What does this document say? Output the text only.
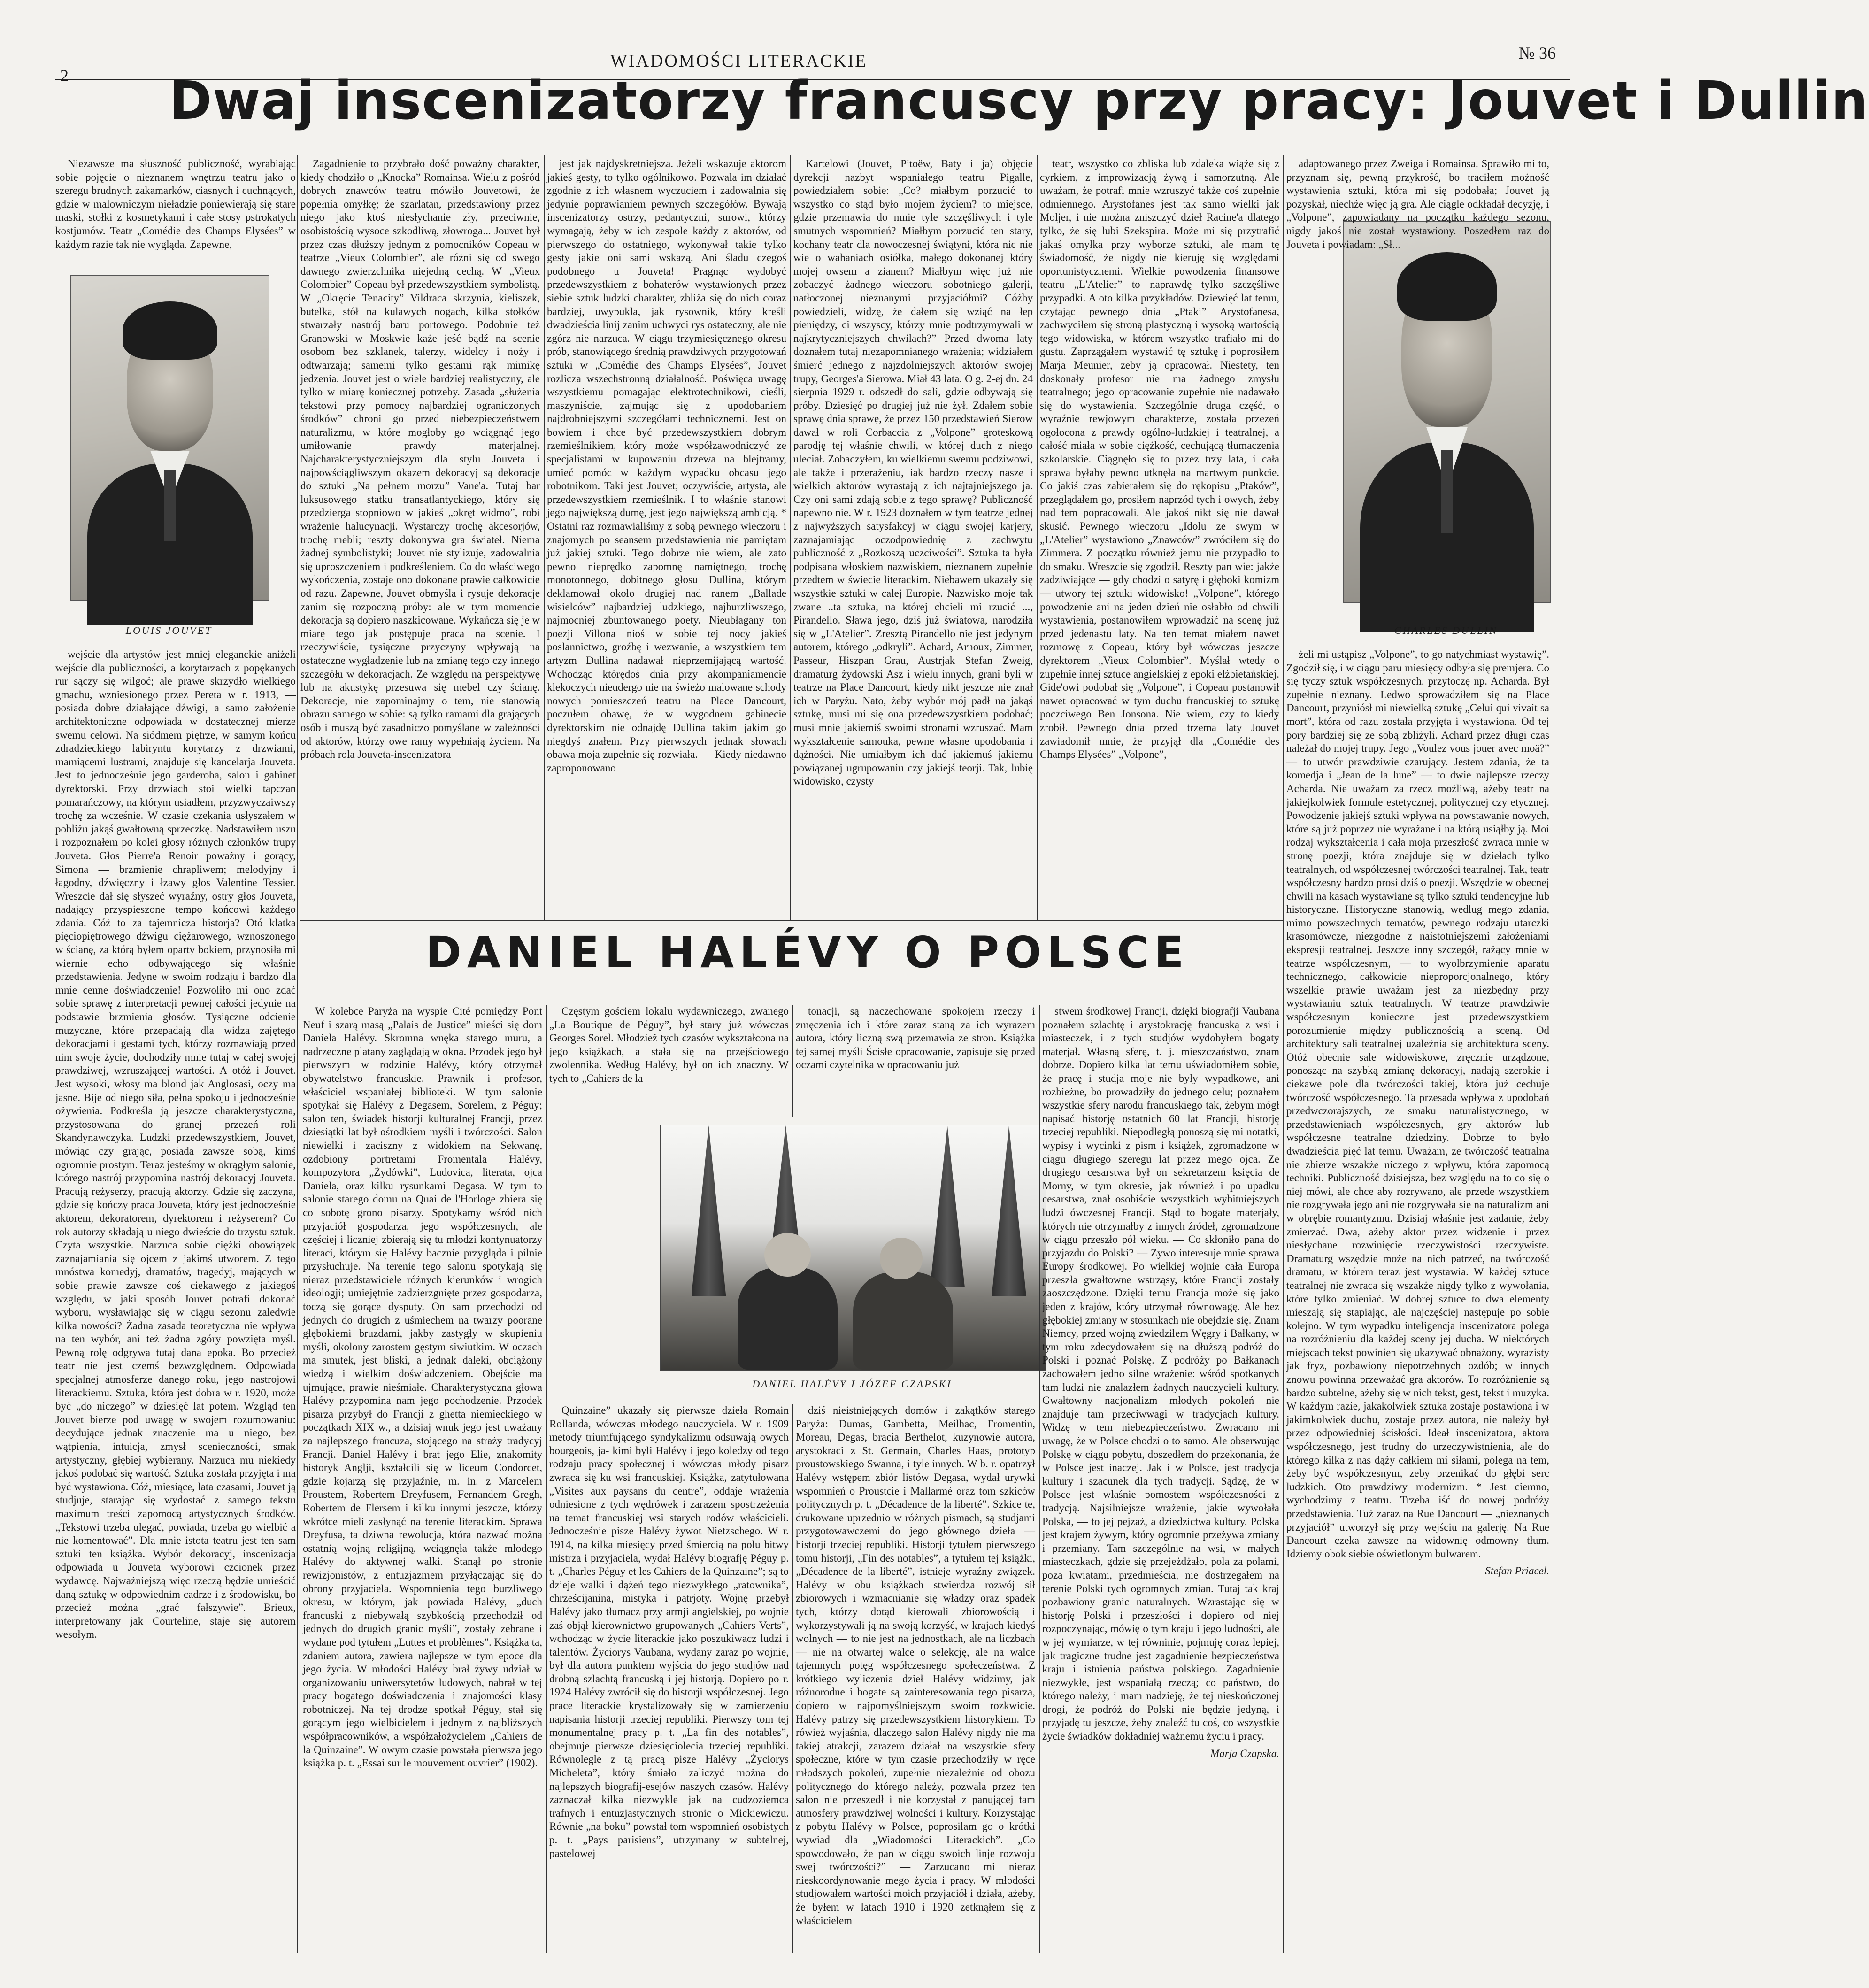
2
WIADOMOŚCI LITERACKIE	№ 36
Dwaj inscenizatorzy francuscy przy pracy: Jouvet i Dullin
LOUIS JOUVET	CHARLES DULLIN

wejście dla artystów jest mniej eleganckie aniżeli wejście dla publiczności, a korytarzach z popękanych rur sączy się wilgoć; ale prawe skrzydło wielkiego gmachu, wzniesionego przez Pereta w r. 1913, — posiada dobre działające dźwigi, a samo założenie architektoniczne odpowiada w dostatecznej mierze swemu celowi. Na siódmem piętrze, w samym końcu zdradzieckiego labiryntu korytarzy z drzwiami, mamiącemi lustrami, znajduje się kancelarja Jouveta. Jest to jednocześnie jego garderoba, salon i gabinet dyrektorski. Przy drzwiach stoi wielki tapczan pomarańczowy, na którym usiadłem, przyzwyczaiwszy trochę za wcześnie. W czasie czekania usłyszałem w pobliżu jakąś gwałtowną sprzeczkę. Nadstawiłem uszu i rozpoznałem po kolei głosy różnych członków trupy Jouveta. Głos Pierre'a Renoir poważny i gorący, Simona — brzmienie chrapliwem; melodyjny i łagodny, dźwięczny i łzawy głos Valentine Tessier. Wreszcie dał się słyszeć wyraźny, ostry głos Jouveta, nadający przyspieszone tempo końcowi każdego zdania. Cóż to za tajemnicza historja? Otó klatka pięciopiętrowego dźwigu ciężarowego, wznoszonego w ścianę, za którą byłem oparty bokiem, przynosiła mi wiernie echo odbywającego się właśnie przedstawienia. Jedyne w swoim rodzaju i bardzo dla mnie cenne doświadczenie! Pozwoliło mi ono zdać sobie sprawę z interpretacji pewnej całości jedynie na podstawie brzmienia głosów. Tysiączne odcienie muzyczne, które przepadają dla widza zajętego dekoracjami i gestami tych, którzy rozmawiają przed nim swoje życie, dochodziły mnie tutaj w całej swojej prawdziwej, wzruszającej wartości. A otóż i Jouvet. Jest wysoki, włosy ma blond jak Anglosasi, oczy ma jasne. Bije od niego siła, pełna spokoju i jednocześnie ożywienia. Podkreśla ją jeszcze charakterystyczna, przystosowana do granej przezeń roli Skandynawczyka. Ludzki przedewszystkiem, Jouvet, mówiąc czy grając, posiada zawsze sobą, kimś ogromnie prostym. Teraz jesteśmy w okrągłym salonie, którego nastrój przypomina nastrój dekoracyj Jouveta. Pracują reżyserzy, pracują aktorzy. Gdzie się zaczyna, gdzie się kończy praca Jouveta, który jest jednocześnie aktorem, dekoratorem, dyrektorem i reżyserem? Co rok autorzy składają u niego dwieście do trzystu sztuk. Czyta wszystkie. Narzuca sobie ciężki obowiązek zaznajamiania się ojcem z jakimś utworem. Z tego mnóstwa komedyj, dramatów, tragedyj, mających w sobie prawie zawsze coś ciekawego z jakiegoś względu, w jaki sposób Jouvet potrafi dokonać wyboru, wysławiając się w ciągu sezonu zaledwie kilka nowości? Żadna zasada teoretyczna nie wpływa na ten wybór, ani też żadna zgóry powzięta myśl. Pewną rolę odgrywa tutaj dana epoka. Bo przecież teatr nie jest czemś bezwzględnem. Odpowiada specjalnej atmosferze danego roku, jego nastrojowi literackiemu. Sztuka, która jest dobra w r. 1920, może być „do niczego” w dziesięć lat potem. Wzgląd ten Jouvet bierze pod uwagę w swojem rozumowaniu: decydujące jednak znaczenie ma u niego, bez wątpienia, intuicja, zmysł scenieczności, smak artystyczny, głębiej wybierany. Narzuca mu niekiedy jakoś podobać się wartość. Sztuka została przyjęta i ma być wystawiona. Cóż, miesiące, lata czasami, Jouvet ją studjuje, starając się wydostać z samego tekstu maximum treści zapomocą artystycznych środków. „Tekstowi trzeba ulegać, powiada, trzeba go wielbić a nie komentować”. Dla mnie istota teatru jest ten sam sztuki ten książka. Wybór dekoracyj, inscenizacja odpowiada u Jouveta wyborowi czcionek przez wydawcę. Najważniejszą więc rzeczą będzie umieścić daną sztukę w odpowiednim cadrze i z środowisku, bo przecież można „grać fałszywie”. Brieux, interpretowany jak Courteline, staje się autorem wesołym.

Zagadnienie to przybrało dość poważny charakter, kiedy chodziło o „Knocka” Romainsa. Wielu z pośród dobrych znawców teatru mówiło Jouvetowi, że popełnia omyłkę; że szarlatan, przedstawiony przez niego jako ktoś niesłychanie zły, przeciwnie, osobistością wysoce szkodliwą, złowroga... Jouvet był przez czas dłuższy jednym z pomocników Copeau w teatrze „Vieux Colombier”, ale różni się od swego dawnego zwierzchnika niejedną cechą. W „Vieux Colombier” Copeau był przedewszystkiem symbolistą. W „Okręcie Tenacity” Vildraca skrzynia, kieliszek, butelka, stół na kulawych nogach, kilka stołków stwarzały nastrój baru portowego. Podobnie też Granowski w Moskwie każe jeść bądź na scenie osobom bez szklanek, talerzy, widelcy i noży i odtwarzają; samemi tylko gestami rąk mimikę jedzenia. Jouvet jest o wiele bardziej realistyczny, ale tylko w miarę koniecznej potrzeby. Zasada „służenia tekstowi przy pomocy najbardziej ograniczonych środków” chroni go przed niebezpieczeństwem naturalizmu, w które mogłoby go wciągnąć jego umiłowanie prawdy materjalnej. Najcharakterystyczniejszym dla stylu Jouveta i najpowściągliwszym okazem dekoracyj są dekoracje do sztuki „Na pełnem morzu” Vane'a. Tutaj bar luksusowego statku transatlantyckiego, który się przedzierga stopniowo w jakieś „okręt widmo”, robi wrażenie halucynacji. Wystarczy trochę akcesorjów, trochę mebli; reszty dokonywa gra świateł. Niema żadnej symbolistyki; Jouvet nie stylizuje, zadowalnia się uproszczeniem i podkreśleniem. Co do właściwego wykończenia, zostaje ono dokonane prawie całkowicie od razu. Zapewne, Jouvet obmyśla i rysuje dekoracje zanim się rozpoczną próby: ale w tym momencie dekoracja są dopiero naszkicowane. Wykańcza się je w miarę tego jak postępuje praca na scenie. I rzeczywiście, tysiączne przyczyny wpływają na ostateczne wygładzenie lub na zmianę tego czy innego szczegółu w dekoracjach. Ze względu na perspektywę lub na akustykę przesuwa się mebel czy ścianę. Dekoracje, nie zapominajmy o tem, nie stanowią obrazu samego w sobie: są tylko ramami dla grających osób i muszą być zasadniczo pomyślane w zależności od aktorów, którzy owe ramy wypełniają życiem. Na próbach rola Jouveta-inscenizatora

jest jak najdyskretniejsza. Jeżeli wskazuje aktorom jakieś gesty, to tylko ogólnikowo. Pozwala im działać zgodnie z ich własnem wyczuciem i zadowalnia się jedynie poprawianiem pewnych szczegółów. Bywają inscenizatorzy ostrzy, pedantyczni, surowi, którzy wymagają, żeby w ich zespole każdy z aktorów, od pierwszego do ostatniego, wykonywał takie tylko gesty jakie oni sami wskazą. Ani śladu czegoś podobnego u Jouveta! Pragnąc wydobyć przedewszystkiem z bohaterów wystawionych przez siebie sztuk ludzki charakter, zbliża się do nich coraz bardziej, uwypukla, jak rysownik, który kreśli dwadzieścia linij zanim uchwyci rys ostateczny, ale nie zgórz nie narzuca. W ciągu trzymiesięcznego okresu prób, stanowiącego średnią prawdziwych przygotowań sztuki w „Comédie des Champs Elysées”, Jouvet rozlicza wszechstronną działalność. Poświęca uwagę wszystkiemu pomagając elektrotechnikowi, cieśli, maszyniście, zajmując się z upodobaniem najdrobniejszymi szczegółami technicznemi. Jest on bowiem i chce być przedewszystkiem dobrym rzemieślnikiem, który może współzawodniczyć ze specjalistami w kupowaniu drzewa na blejtramy, umieć pomóc w każdym wypadku obcasu jego robotnikom. Taki jest Jouvet; oczywiście, artysta, ale przedewszystkiem rzemieślnik. I to właśnie stanowi jego największą dumę, jest jego największą ambicją. * Ostatni raz rozmawialiśmy z sobą pewnego wieczoru i znajomych po seansem przedstawienia nie pamiętam już jakiej sztuki. Tego dobrze nie wiem, ale zato pewno nieprędko zapomnę namiętnego, trochę monotonnego, dobitnego głosu Dullina, którym deklamował około drugiej nad ranem „Ballade wisielców” najbardziej ludzkiego, najburzliwszego, najmocniej zbuntowanego poety. Nieubłagany ton poezji Villona nioś w sobie tej nocy jakieś poslannictwo, groźbę i wezwanie, a wszystkiem tem artyzm Dullina nadawał nieprzemijającą wartość. Wchodząc którędoś dnia przy akompaniamencie klekoczych nieudergo nie na świeżo malowane schody nowych pomieszczeń teatru na Place Dancourt, poczułem obawę, że w wygodnem gabinecie dyrektorskim nie odnajdę Dullina takim jakim go niegdyś znałem. Przy pierwszych jednak słowach obawa moja zupełnie się rozwiała. — Kiedy niedawno zaproponowano

Kartelowi (Jouvet, Pitoëw, Baty i ja) objęcie dyrekcji nazbyt wspaniałego teatru Pigalle, powiedziałem sobie: „Co? miałbym porzucić to wszystko co stąd było mojem życiem? to miejsce, gdzie przemawia do mnie tyle szczęśliwych i tyle smutnych wspomnień? Miałbym porzucić ten stary, kochany teatr dla nowoczesnej świątyni, która nic nie wie o wahaniach osiółka, małego dokonanej który mojej owsem a zianem? Miałbym więc już nie zobaczyć żadnego wieczoru sobotniego galerji, natłoczonej nieznanymi przyjaciółmi? Cóżby powiedzieli, widzę, że dałem się wziąć na łep pieniędzy, ci wszyscy, którzy mnie podtrzymywali w najkrytyczniejszych chwilach?” Przed dwoma laty doznałem tutaj niezapomnianego wrażenia; widziałem śmierć jednego z najzdolniejszych aktorów swojej trupy, Georges'a Sierowa. Miał 43 lata. O g. 2-ej dn. 24 sierpnia 1929 r. odszedł do sali, gdzie odbywają się próby. Dziesięć po drugiej już nie żył. Zdałem sobie sprawę dnia sprawę, że przez 150 przedstawień Sierow dawał w roli Corbaccia z „Volpone” groteskową parodję tej właśnie chwili, w której duch z niego uleciał. Zobaczyłem, ku wielkiemu swemu podziwowi, ale także i przerażeniu, iak bardzo rzeczy nasze i wielkich aktorów wyrastają z ich najtajniejszego ja. Czy oni sami zdają sobie z tego sprawę? Publiczność napewno nie. W r. 1923 doznałem w tym teatrze jednej z najwyższych satysfakcyj w ciągu swojej karjery, zaznajamiając oczodpowiednię z zachwytu publiczność z „Rozkoszą uczciwości”. Sztuka ta była podpisana włoskiem nazwiskiem, nieznanem zupełnie przedtem w świecie literackim. Niebawem ukazały się wszystkie sztuki w całej Europie. Nazwisko moje tak zwane ..ta sztuka, na której chcieli mi rzucić ..., Pirandello. Sława jego, dziś już światowa, narodziła się w „L'Atelier”. Zresztą Pirandello nie jest jedynym autorem, którego „odkryli”. Achard, Arnoux, Zimmer, Passeur, Hiszpan Grau, Austrjak Stefan Zweig, dramaturg żydowski Asz i wielu innych, grani byli w teatrze na Place Dancourt, kiedy nikt jeszcze nie znał ich w Paryżu. Nato, żeby wybór mój padł na jakąś sztukę, musi mi się ona przedewszystkiem podobać; musi mnie jakiemiś swoimi stronami wzruszać. Mam wykształcenie samouka, pewne własne upodobania i dążności. Nie umiałbym ich dać jakiemuś jakiemu powiązanej ugrupowaniu czy jakiejś teorji. Tak, lubię widowisko, czysty

teatr, wszystko co zbliska lub zdaleka wiąże się z cyrkiem, z improwizacją żywą i samorzutną. Ale uważam, że potrafi mnie wzruszyć także coś zupełnie odmiennego. Arystofanes jest tak samo wielki jak Moljer, i nie można zniszczyć dzieł Racine'a dlatego tylko, że się lubi Szekspira. Może mi się przytrafić jakaś omyłka przy wyborze sztuki, ale mam tę świadomość, że nigdy nie kieruję się względami oportunistycznemi. Wielkie powodzenia finansowe teatru „L'Atelier” to naprawdę tylko szczęśliwe przypadki. A oto kilka przykładów. Dziewięć lat temu, czytając pewnego dnia „Ptaki” Arystofanesa, zachwyciłem się stroną plastyczną i wysoką wartością tego widowiska, w którem wszystko trafiało mi do gustu. Zaprzągałem wystawić tę sztukę i poprosiłem Marja Meunier, żeby ją opracował. Niestety, ten doskonały profesor nie ma żadnego zmysłu teatralnego; jego opracowanie zupełnie nie nadawało się do wystawienia. Szczególnie druga część, o wyraźnie rewjowym charakterze, została przezeń ogołocona z prawdy ogólno-ludzkiej i teatralnej, a całość miała w sobie ciężkość, cechującą tłumaczenia szkolarskie. Ciągnęło się to przez trzy lata, i cała sprawa byłaby pewno utknęła na martwym punkcie. Co jakiś czas zabierałem się do rękopisu „Ptaków”, przeglądałem go, prosiłem naprzód tych i owych, żeby nad tem popracowali. Ale jakoś nikt się nie dawał skusić. Pewnego wieczoru „Idolu ze swym w „L'Atelier” wystawiono „Znawców” zwróciłem się do Zimmera. Z początku również jemu nie przypadło to do smaku. Wreszcie się zgodził. Reszty pan wie: jakże zadziwiające — gdy chodzi o satyrę i głęboki komizm — utwory tej sztuki widowisko! „Volpone”, którego powodzenie ani na jeden dzień nie osłabło od chwili wystawienia, postanowiłem wprowadzić na scenę już przed jedenastu laty. Na ten temat miałem nawet rozmowę z Copeau, który był wówczas jeszcze dyrektorem „Vieux Colombier”. Myślał wtedy o zupełnie innej sztuce angielskiej z epoki elżbietańskiej. Gide'owi podobał się „Volpone”, i Copeau postanowił nawet opracować w tym duchu francuskiej to sztukę poczciwego Ben Jonsona. Nie wiem, czy to kiedy zrobił. Pewnego dnia przed trzema laty Jouvet zawiadomił mnie, że przyjął dla „Comédie des Champs Elysées” „Volpone”,

adaptowanego przez Zweiga i Romainsa. Sprawiło mi to, przyznam się, pewną przykrość, bo traciłem możność wystawienia sztuki, która mi się podobała; Jouvet ją pozyskał, niechże więc ją gra. Ale ciągle odkładał decyzję, i „Volpone”, zapowiadany na początku każdego sezonu, nigdy jakoś nie został wystawiony. Poszedłem raz do Jouveta i powiadam: „Sł...

żeli mi ustąpisz „Volpone”, to go natychmiast wystawię”. Zgodził się, i w ciągu paru miesięcy odbyła się premjera. Co się tyczy sztuk współczesnych, przytoczę np. Acharda. Był zupełnie nieznany. Ledwo sprowadziłem się na Place Dancourt, przyniósł mi niewielką sztukę „Celui qui vivait sa mort”, która od razu została przyjęta i wystawiona. Od tej pory bardziej się ze sobą zbliżyli. Achard przez długi czas należał do mojej trupy. Jego „Voulez vous jouer avec moä?” — to utwór prawdziwie czarujący. Jestem zdania, że ta komedja i „Jean de la lune” — to dwie najlepsze rzeczy Acharda. Nie uważam za rzecz możliwą, ażeby teatr na jakiejkolwiek formule estetycznej, politycznej czy etycznej. Powodzenie jakiejś sztuki wpływa na powstawanie nowych, które są już poprzez nie wyrażane i na którą usiąłby ją. Moi rodzaj wykształcenia i cała moja przeszłość zwraca mnie w stronę poezji, która znajduje się w dziełach tylko teatralnych, od współczesnej twórczości teatralnej. Tak, teatr współczesny bardzo prosi dziś o poezji. Wszędzie w obecnej chwili na kasach wystawiane są tylko sztuki tendencyjne lub historyczne. Historyczne stanowią, według mego zdania, mimo powszechnych tematów, pewnego rodzaju utarczki krasomówcze, niezgodne z naistotniejszemi założeniami ekspresji teatralnej. Jeszcze inny szczegół, rażący mnie w teatrze współczesnym, — to wyolbrzymienie aparatu technicznego, całkowicie nieproporcjonalnego, który wszelkie prawie uważam jest za niezbędny przy wystawianiu sztuk teatralnych. W teatrze prawdziwie współczesnym konieczne jest przedewszystkiem porozumienie między publicznością a sceną. Od architektury sali teatralnej uzależnia się architektura sceny. Otóż obecnie sale widowiskowe, zręcznie urządzone, ponosząc na szybką zmianę dekoracyj, nadają szerokie i ciekawe pole dla twórczości takiej, która już cechuje twórczość współczesnego. Ta przesada wpływa z upodobań przedwczorajszych, ze smaku naturalistycznego, w przedstawieniach współczesnych, gry aktorów lub współczesne teatralne dziedziny. Dobrze to było dwadzieścia pięć lat temu. Uważam, że twórczość teatralna nie zbierze wszakże niczego z wpływu, która zapomocą techniki. Publiczność dzisiejsza, bez względu na to co się o niej mówi, ale chce aby rozrywano, ale przede wszystkiem nie rozgrywała jego ani nie rozgrywała się na naturalizm ani w obrębie romantyzmu. Dzisiaj właśnie jest zadanie, żeby zmierzać. Dwa, ażeby aktor przez widzenie i przez niesłychane rozwinięcie rzeczywistości rzeczywiste. Dramaturg wszędzie może na nich patrzeć, na twórczość dramatu, w którem teraz jest wystawia. W każdej sztuce teatralnej nie zwraca się wszakże nigdy tylko z wywołania, które tylko zmieniać. W dobrej sztuce to dwa elementy mieszają się stapiając, ale najczęściej następuje po sobie kolejno. W tym wypadku inteligencja inscenizatora polega na rozróżnieniu dla każdej sceny jej ducha. W niektórych miejscach tekst powinien się ukazywać obnażony, wyrazisty jak fryz, pozbawiony niepotrzebnych ozdób; w innych znowu powinna przeważać gra aktorów. To rozróżnienie są bardzo subtelne, ażeby się w nich tekst, gest, tekst i muzyka. W każdym razie, jakakolwiek sztuka zostaje postawiona i w jakimkolwiek duchu, zostaje przez autora, nie należy był przez odpowiedniej ścisłości. Ideał inscenizatora, aktora współczesnego, jest trudny do urzeczywistnienia, ale do którego kilka z nas dąży całkiem mi siłami, polega na tem, żeby być współczesnym, zeby przenikać do głębi serc ludzkich. Oto prawdziwy modernizm. * Jest ciemno, wychodzimy z teatru. Trzeba iść do nowej podróży przedstawienia. Tuż zaraz na Rue Dancourt — „nieznanych przyjaciół” utworzył się przy wejściu na galerję. Na Rue Dancourt czeka zawsze na widownię odmowny tłum. Idziemy obok siebie oświetlonym bulwarem.

Stefan Priacel.
DANIEL HALÉVY O POLSCE
DANIEL HALÉVY I JÓZEF CZAPSKI

W kolebce Paryża na wyspie Cité pomiędzy Pont Neuf i szarą masą „Palais de Justice” mieści się dom Daniela Halévy. Skromna wnęka starego muru, a nadrzeczne platany zaglądają w okna. Przodek jego był pierwszym w rodzinie Halévy, który otrzymał obywatelstwo francuskie. Prawnik i profesor, właściciel wspaniałej biblioteki. W tym salonie spotykał się Halévy z Degasem, Sorelem, z Péguy; salon ten, świadek historji kulturalnej Francji, przez dziesiątki lat był ośrodkiem myśli i twórczości. Salon niewielki i zaciszny z widokiem na Sekwanę, ozdobiony portretami Fromentala Halévy, kompozytora „Żydówki”, Ludovica, literata, ojca Daniela, oraz kilku rysunkami Degasa. W tym to salonie starego domu na Quai de l'Horloge zbiera się co sobotę grono pisarzy. Spotykamy wśród nich przyjaciół gospodarza, jego współczesnych, ale częściej i liczniej zbierają się tu młodzi kontynuatorzy literaci, którym się Halévy bacznie przygląda i pilnie przysłuchuje. Na terenie tego salonu spotykają się nieraz przedstawiciele różnych kierunków i wrogich ideologji; umiejętnie zadzierzgnięte przez gospodarza, toczą się gorące dysputy. On sam przechodzi od jednych do drugich z uśmiechem na twarzy poorane głębokiemi bruzdami, jakby zastygły w skupieniu myśli, okolony zarostem gęstym siwiutkim. W oczach ma smutek, jest bliski, a jednak daleki, obciążony wiedzą i wielkim doświadczeniem. Obejście ma ujmujące, prawie nieśmiałe. Charakterystyczna głowa Halévy przypomina nam jego pochodzenie. Przodek pisarza przybył do Francji z ghetta niemieckiego w początkach XIX w., a dzisiaj wnuk jego jest uważany za najlepszego francuza, stojącego na straży tradycyj Francji. Daniel Halévy i brat jego Elie, znakomity historyk Anglji, kształcili się w liceum Condorcet, gdzie kojarzą się przyjaźnie, m. in. z Marcelem Proustem, Robertem Dreyfusem, Fernandem Gregh, Robertem de Flersem i kilku innymi jeszcze, którzy wkrótce mieli zasłynąć na terenie literackim. Sprawa Dreyfusa, ta dziwna rewolucja, która nazwać można ostatnią wojną religijną, wciągnęła także młodego Halévy do aktywnej walki. Stanął po stronie rewizjonistów, z entuzjazmem przyłączając się do obrony przyjaciela. Wspomnienia tego burzliwego okresu, w którym, jak powiada Halévy, „duch francuski z niebywałą szybkością przechodził od jednych do drugich granic myśli”, zostały zebrane i wydane pod tytułem „Luttes et problèmes”. Książka ta, zdaniem autora, zawiera najlepsze w tym epoce dla jego życia. W młodości Halévy brał żywy udział w organizowaniu uniwersytetów ludowych, nabrał w tej pracy bogatego doświadczenia i znajomości klasy robotniczej. Na tej drodze spotkał Péguy, stał się gorącym jego wielbicielem i jednym z najbliższych współpracowników, a współzałożycielem „Cahiers de la Quinzaine”. W owym czasie powstała pierwsza jego książka p. t. „Essai sur le mouvement ouvrier” (1902).

Częstym gościem lokalu wydawniczego, zwanego „La Boutique de Péguy”, był stary już wówczas Georges Sorel. Młodzież tych czasów wykształcona na jego książkach, a stała się na przejściowego zwolennika. Według Halévy, był on ich znaczny. W tych to „Cahiers de la

tonacji, są naczechowane spokojem rzeczy i zmęczenia ich i które zaraz staną za ich wyrazem autora, który liczną swą przemawia ze stron. Książka tej samej myśli Ścisłe opracowanie, zapisuje się przed oczami czytelnika w opracowaniu już

Quinzaine” ukazały się pierwsze dzieła Romain Rollanda, wówczas młodego nauczyciela. W r. 1909 metody triumfującego syndykalizmu odsuwają owych bourgeois, ja- kimi byli Halévy i jego koledzy od tego rodzaju pracy społecznej i wówczas młody pisarz zwraca się ku wsi francuskiej. Książka, zatytułowana „Visites aux paysans du centre”, oddaje wrażenia odniesione z tych wędrówek i zarazem spostrzeżenia na temat francuskiej wsi starych rodów właścicieli. Jednocześnie pisze Halévy żywot Nietzschego. W r. 1914, na kilka miesięcy przed śmiercią na polu bitwy mistrza i przyjaciela, wydał Halévy biografję Péguy p. t. „Charles Péguy et les Cahiers de la Quinzaine”; są to dzieje walki i dążeń tego niezwykłego „ratownika”, chrześcijanina, mistyka i patrjoty. Wojnę przebył Halévy jako tłumacz przy armji angielskiej, po wojnie zaś objął kierownictwo grupowanych „Cahiers Verts”, wchodząc w życie literackie jako poszukiwacz ludzi i talentów. Życiorys Vaubana, wydany zaraz po wojnie, był dla autora punktem wyjścia do jego studjów nad drobną szlachtą francuską i jej historją. Dopiero po r. 1924 Halévy zwrócił się do historji współczesnej. Jego prace literackie krystalizowały się w zamierzeniu napisania historji trzeciej republiki. Pierwszy tom tej monumentalnej pracy p. t. „La fin des notables”, obejmuje pierwsze dziesięciolecia trzeciej republiki. Równolegle z tą pracą pisze Halévy „Życiorys Micheleta”, który śmiało zaliczyć można do najlepszych biografij-esejów naszych czasów. Halévy zaznaczał kilka niezwykle jak na cudzoziemca trafnych i entuzjastycznych stronic o Mickiewiczu. Równie „na boku” powstał tom wspomnień osobistych p. t. „Pays parisiens”, utrzymany w subtelnej, pastelowej

dziś nieistniejących domów i zakątków starego Paryża: Dumas, Gambetta, Meilhac, Fromentin, Moreau, Degas, bracia Berthelot, kuzynowie autora, arystokraci z St. Germain, Charles Haas, prototyp proustowskiego Swanna, i tyle innych. W b. r. opatrzył Halévy wstępem zbiór listów Degasa, wydał urywki wspomnień o Proustcie i Mallarmé oraz tom szkiców politycznych p. t. „Décadence de la liberté”. Szkice te, drukowane uprzednio w różnych pismach, są studjami przygotowawczemi do jego głównego dzieła — historji trzeciej republiki. Historji tytułem pierwszego tomu historji, „Fin des notables”, a tytułem tej książki, „Décadence de la liberté”, istnieje wyraźny związek. Halévy w obu książkach stwierdza rozwój sił zbiorowych i wzmacnianie się władzy oraz spadek tych, którzy dotąd kierowali zbiorowością i wykorzystywali ją na swoją korzyść, w krajach kiedyś wolnych — to nie jest na jednostkach, ale na liczbach — nie na otwartej walce o selekcję, ale na walce tajemnych potęg współczesnego społeczeństwa. Z krótkiego wyliczenia dzieł Halévy widzimy, jak różnorodne i bogate są zainteresowania tego pisarza, dopiero w najpomyślniejszym swoim rozkwicie. Halévy patrzy się przedewszystkiem historykiem. To rówież wyjaśnia, dlaczego salon Halévy nigdy nie ma takiej atrakcji, zarazem działał na wszystkie sfery społeczne, które w tym czasie przechodziły w ręce młodszych pokoleń, zupełnie niezależnie od obozu politycznego do którego należy, pozwala przez ten salon nie przeszedł i nie korzystał z panującej tam atmosfery prawdziwej wolności i kultury. Korzystając z pobytu Halévy w Polsce, poprosiłam go o krótki wywiad dla „Wiadomości Literackich”. „Co spowodowało, że pan w ciągu swoich linje rozwoju swej twórczości?” — Zarzucano mi nieraz nieskoordynowanie mego życia i pracy. W młodości studjowałem wartości moich przyjaciół i działa, ażeby, że byłem w latach 1910 i 1920 zetknąłem się z właścicielem

stwem środkowej Francji, dzięki biografji Vaubana poznałem szlachtę i arystokrację francuską z wsi i miasteczek, i z tych studjów wydobyłem bogaty materjał. Własną sferę, t. j. mieszczaństwo, znam dobrze. Dopiero kilka lat temu uświadomiłem sobie, że pracę i studja moje nie były wypadkowe, ani rozbieżne, bo prowadziły do jednego celu; poznałem wszystkie sfery narodu francuskiego tak, żebym mógł napisać historję ostatnich 60 lat Francji, historję trzeciej republiki. Niepodległą ponoszą się mi notatki, wypisy i wycinki z pism i książek, zgromadzone w ciągu długiego szeregu lat przez mego ojca. Ze drugiego cesarstwa był on sekretarzem księcia de Morny, w tym okresie, jak również i po upadku cesarstwa, znał osobiście wszystkich wybitniejszych ludzi ówczesnej Francji. Stąd to bogate materjały, których nie otrzymałby z innych źródeł, zgromadzone w ciągu przeszło pół wieku. — Co skłoniło pana do przyjazdu do Polski? — Żywo interesuje mnie sprawa Europy środkowej. Po wielkiej wojnie cała Europa przeszła gwałtowne wstrząsy, które Francji zostały zaoszczędzone. Dzięki temu Francja może się jako jeden z krajów, który utrzymał równowagę. Ale bez głębokiej zmiany w stosunkach nie obejdzie się. Znam Niemcy, przed wojną zwiedziłem Węgry i Bałkany, w tym roku zdecydowałem się na dłuższą podróż do Polski i poznać Polskę. Z podróży po Bałkanach zachowałem jedno silne wrażenie: wśród spotkanych tam ludzi nie znalazłem żadnych nauczycieli kultury. Gwałtowny nacjonalizm młodych pokoleń nie znajduje tam przeciwwagi w tradycjach kultury. Widzę w tem niebezpieczeństwo. Zwracano mi uwagę, że w Polsce chodzi o to samo. Ale obserwując Polskę w ciągu pobytu, doszedłem do przekonania, że w Polsce jest inaczej. Jak i w Polsce, jest tradycja kultury i szacunek dla tych tradycji. Sądzę, że w Polsce jest właśnie pomostem współczesności z tradycją. Najsilniejsze wrażenie, jakie wywołała Polska, — to jej pejzaż, a dziedzictwa kultury. Polska jest krajem żywym, który ogromnie przeżywa zmiany i przemiany. Tam szczególnie na wsi, w małych miasteczkach, gdzie się przejeżdżało, pola za polami, poza kwiatami, przedmieścia, nie dostrzegałem na terenie Polski tych ogromnych zmian. Tutaj tak kraj pozbawiony granic naturalnych. Wzrastając się w historję Polski i przeszłości i dopiero od niej rozpoczynając, mówię o tym kraju i jego ludności, ale w jej wymiarze, w tej równinie, pojmuję coraz lepiej, jak tragiczne trudne jest zagadnienie bezpieczeństwa kraju i istnienia państwa polskiego. Zagadnienie niezwykłe, jest wspaniałą rzeczą; co państwo, do którego należy, i mam nadzieję, że tej nieskończonej drogi, że podróż do Polski nie będzie jedyną, i przyjadę tu jeszcze, żeby znaleźć tu coś, co wszystkie życie świadków dokładniej ważnemu życiu i pracy.

Marja Czapska.

Niezawsze ma słuszność publiczność, wyrabiając sobie pojęcie o nieznanem wnętrzu teatru jako o szeregu brudnych zakamarków, ciasnych i cuchnących, gdzie w malowniczym nieładzie poniewierają się stare maski, stołki z kosmetykami i całe stosy pstrokatych kostjumów. Teatr „Comédie des Champs Elysées” w każdym razie tak nie wygląda. Zapewne,
